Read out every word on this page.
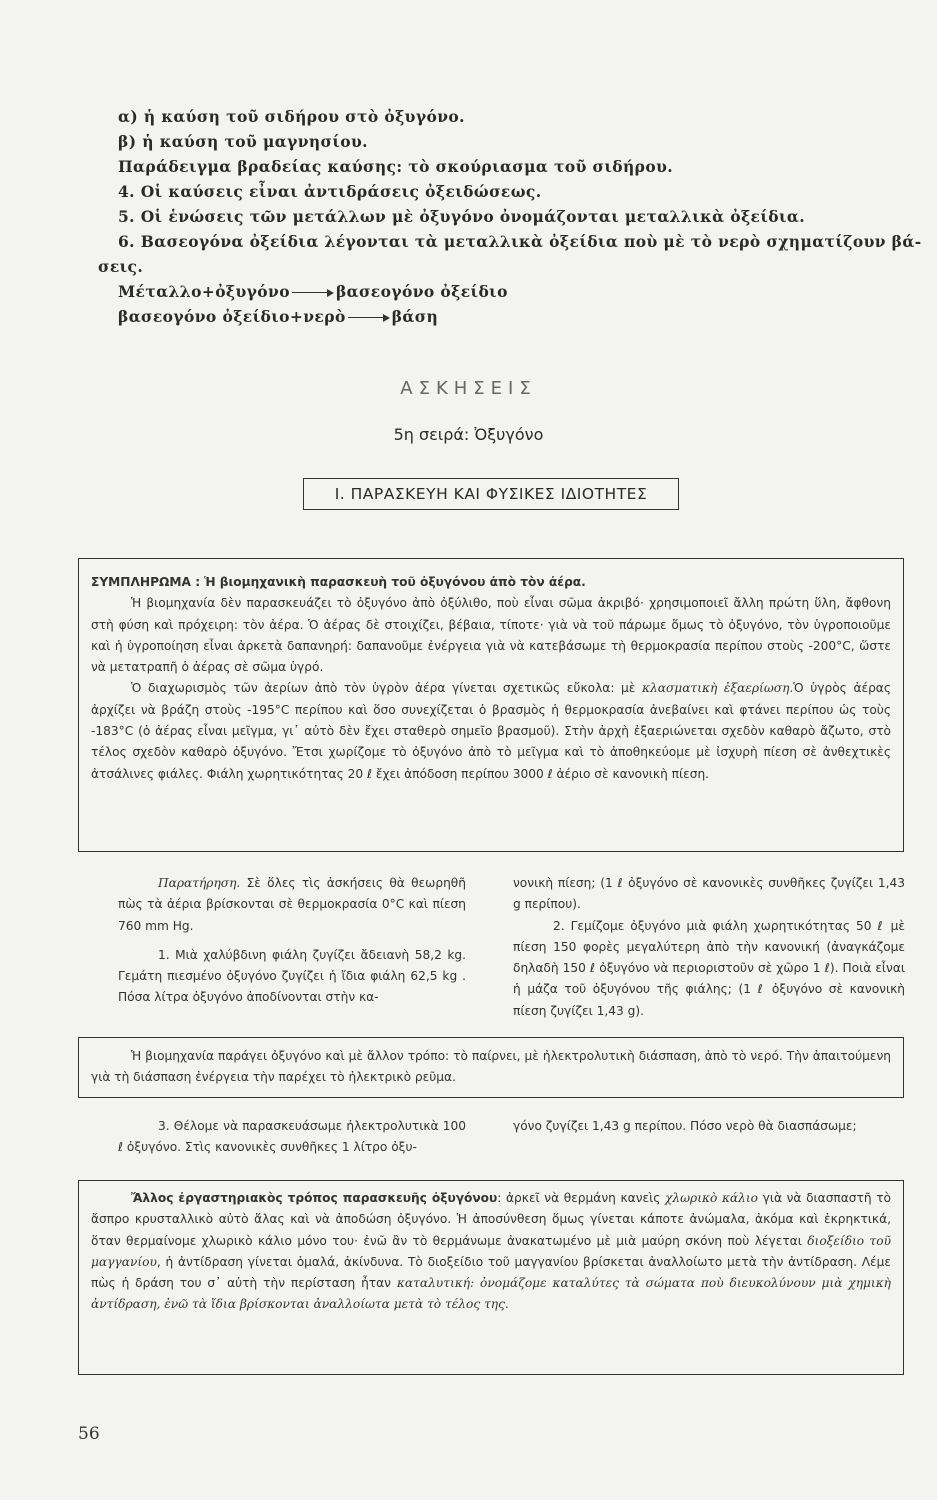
α) ἡ καύση τοῦ σιδήρου στὸ ὀξυγόνο.
β) ἡ καύση τοῦ μαγνησίου.
Παράδειγμα βραδείας καύσης: τὸ σκούριασμα τοῦ σιδήρου.
4. Οἱ καύσεις εἶναι ἀντιδράσεις ὀξειδώσεως.
5. Οἱ ἑνώσεις τῶν μετάλλων μὲ ὀξυγόνο ὀνομάζονται μεταλλικὰ ὀξείδια.
6. Βασεογόνα ὀξείδια λέγονται τὰ μεταλλικὰ ὀξείδια ποὺ μὲ τὸ νερὸ σχηματίζουν βά-
σεις.
Μέταλλο+ὀξυγόνο	βασεογόνο ὀξείδιο
βασεογόνο ὀξείδιο+νερὸ	βάση
ΑΣΚΗΣΕΙΣ
5η σειρά: Ὀξυγόνο
I. ΠΑΡΑΣΚΕΥΗ ΚΑΙ ΦΥΣΙΚΕΣ ΙΔΙΟΤΗΤΕΣ

ΣΥΜΠΛΗΡΩΜΑ : Ἡ βιομηχανικὴ παρασκευὴ τοῦ ὀξυγόνου ἀπὸ τὸν ἀέρα.

Ἡ βιομηχανία δὲν παρασκευάζει τὸ ὀξυγόνο ἀπὸ ὀξύλιθο, ποὺ εἶναι σῶμα ἀκριβό· χρησιμοποιεῖ ἄλλη πρώτη ὕλη, ἄφθονη στὴ φύση καὶ πρόχειρη: τὸν ἀέρα. Ὁ ἀέρας δὲ στοιχίζει, βέβαια, τίποτε· γιὰ νὰ τοῦ πάρωμε ὅμως τὸ ὀξυγόνο, τὸν ὑγροποιοῦμε καὶ ἡ ὑγροποίηση εἶναι ἀρκετὰ δαπανηρή: δαπανοῦμε ἐνέργεια γιὰ νὰ κατεβάσωμε τὴ θερμοκρασία περίπου στοὺς -200°C, ὥστε νὰ μετατραπῆ ὁ ἀέρας σὲ σῶμα ὑγρό.

Ὁ διαχωρισμὸς τῶν ἀερίων ἀπὸ τὸν ὑγρὸν ἀέρα γίνεται σχετικῶς εὔκολα: μὲ κλασματικὴ ἐξαερίωση.Ὁ ὑγρὸς ἀέρας ἀρχίζει νὰ βράζη στοὺς -195°C περίπου καὶ ὅσο συνεχίζεται ὁ βρασμὸς ἡ θερμοκρασία ἀνεβαίνει καὶ φτάνει περίπου ὡς τοὺς -183°C (ὁ ἀέρας εἶναι μεῖγμα, γι᾽ αὐτὸ δὲν ἔχει σταθερὸ σημεῖο βρασμοῦ). Στὴν ἀρχὴ ἐξαεριώνεται σχεδὸν καθαρὸ ἄζωτο, στὸ τέλος σχεδὸν καθαρὸ ὀξυγόνο. Ἔτσι χωρίζομε τὸ ὀξυγόνο ἀπὸ τὸ μεῖγμα καὶ τὸ ἀποθηκεύομε μὲ ἰσχυρὴ πίεση σὲ ἀνθεχτικὲς ἀτσάλινες φιάλες. Φιάλη χωρητικότητας 20 ℓ ἔχει ἀπόδοση περίπου 3000 ℓ ἀέριο σὲ κανονικὴ πίεση.

Παρατήρηση. Σὲ ὅλες τὶς ἀσκήσεις θὰ θεωρηθῆ πὼς τὰ ἀέρια βρίσκονται σὲ θερμοκρασία 0°C καὶ πίεση 760 mm Hg.

1. Μιὰ χαλύβδινη φιάλη ζυγίζει ἄδειανὴ 58,2 kg. Γεμάτη πιεσμένο ὀξυγόνο ζυγίζει ἡ ἴδια φιάλη 62,5 kg . Πόσα λίτρα ὀξυγόνο ἀποδίνονται στὴν κα-

νονικὴ πίεση; (1 ℓ ὀξυγόνο σὲ κανονικὲς συνθῆκες ζυγίζει 1,43 g περίπου).

2. Γεμίζομε ὀξυγόνο μιὰ φιάλη χωρητικότητας 50 ℓ μὲ πίεση 150 φορὲς μεγαλύτερη ἀπὸ τὴν κανονική (ἀναγκάζομε δηλαδὴ 150 ℓ ὀξυγόνο νὰ περιοριστοῦν σὲ χῶρο 1 ℓ). Ποιὰ εἶναι ἡ μάζα τοῦ ὀξυγόνου τῆς φιάλης; (1 ℓ ὀξυγόνο σὲ κανονικὴ πίεση ζυγίζει 1,43 g).

Ἡ βιομηχανία παράγει ὀξυγόνο καὶ μὲ ἄλλον τρόπο: τὸ παίρνει, μὲ ἠλεκτρολυτικὴ διάσπαση, ἀπὸ τὸ νερό. Τὴν ἀπαιτούμενη γιὰ τὴ διάσπαση ἐνέργεια τὴν παρέχει τὸ ἠλεκτρικὸ ρεῦμα.

3. Θέλομε νὰ παρασκευάσωμε ἠλεκτρολυτικὰ 100 ℓ ὀξυγόνο. Στὶς κανονικὲς συνθῆκες 1 λίτρο ὀξυ-

γόνο ζυγίζει 1,43 g περίπου. Πόσο νερὸ θὰ διασπάσωμε;

Ἄλλος ἐργαστηριακὸς τρόπος παρασκευῆς ὀξυγόνου: ἀρκεῖ νὰ θερμάνη κανεὶς χλωρικὸ κάλιο γιὰ νὰ διασπαστῆ τὸ ἄσπρο κρυσταλλικὸ αὐτὸ ἅλας καὶ νὰ ἀποδώση ὀξυγόνο. Ἡ ἀποσύνθεση ὅμως γίνεται κάποτε ἀνώμαλα, ἀκόμα καὶ ἐκρηκτικά, ὅταν θερμαίνομε χλωρικὸ κάλιο μόνο του· ἐνῶ ἂν τὸ θερμάνωμε ἀνακατωμένο μὲ μιὰ μαύρη σκόνη ποὺ λέγεται διοξείδιο τοῦ μαγγανίου, ἡ ἀντίδραση γίνεται ὁμαλά, ἀκίνδυνα. Τὸ διοξείδιο τοῦ μαγγανίου βρίσκεται ἀναλλοίωτο μετὰ τὴν ἀντίδραση. Λέμε πὼς ἡ δράση του σ᾽ αὐτὴ τὴν περίσταση ἦταν καταλυτική: ὀνομάζομε καταλύτες τὰ σώματα ποὺ διευκολύνουν μιὰ χημικὴ ἀντίδραση, ἐνῶ τὰ ἴδια βρίσκονται ἀναλλοίωτα μετὰ τὸ τέλος της.

56
